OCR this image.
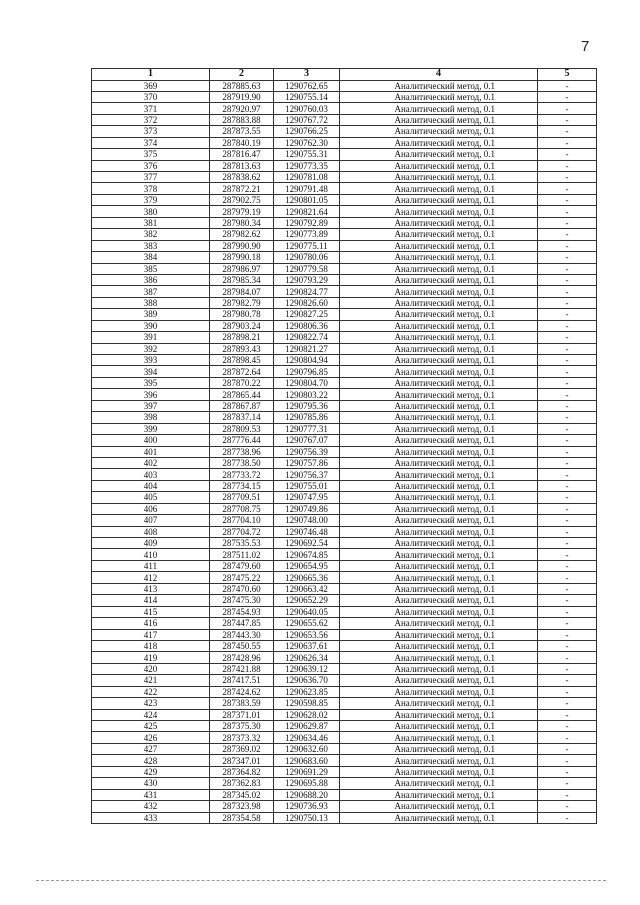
7
1	2	3	4	5
369	287885.63	1290762.65	Аналитический метод, 0.1	-
370	287919.90	1290755.14	Аналитический метод, 0.1	-
371	287920.97	1290760.03	Аналитический метод, 0.1	-
372	287883.88	1290767.72	Аналитический метод, 0.1	-
373	287873.55	1290766.25	Аналитический метод, 0.1	-
374	287840.19	1290762.30	Аналитический метод, 0.1	-
375	287816.47	1290755.31	Аналитический метод, 0.1	-
376	287813.63	1290773.35	Аналитический метод, 0.1	-
377	287838.62	1290781.08	Аналитический метод, 0.1	-
378	287872.21	1290791.48	Аналитический метод, 0.1	-
379	287902.75	1290801.05	Аналитический метод, 0.1	-
380	287979.19	1290821.64	Аналитический метод, 0.1	-
381	287980.34	1290792.89	Аналитический метод, 0.1	-
382	287982.62	1290773.89	Аналитический метод, 0.1	-
383	287990.90	1290775.11	Аналитический метод, 0.1	-
384	287990.18	1290780.06	Аналитический метод, 0.1	-
385	287986.97	1290779.58	Аналитический метод, 0.1	-
386	287985.34	1290793.29	Аналитический метод, 0.1	-
387	287984.07	1290824.77	Аналитический метод, 0.1	-
388	287982.79	1290826.60	Аналитический метод, 0.1	-
389	287980.78	1290827.25	Аналитический метод, 0.1	-
390	287903.24	1290806.36	Аналитический метод, 0.1	-
391	287898.21	1290822.74	Аналитический метод, 0.1	-
392	287893.43	1290821.27	Аналитический метод, 0.1	-
393	287898.45	1290804.94	Аналитический метод, 0.1	-
394	287872.64	1290796.85	Аналитический метод, 0.1	-
395	287870.22	1290804.70	Аналитический метод, 0.1	-
396	287865.44	1290803.22	Аналитический метод, 0.1	-
397	287867.87	1290795.36	Аналитический метод, 0.1	-
398	287837.14	1290785.86	Аналитический метод, 0.1	-
399	287809.53	1290777.31	Аналитический метод, 0.1	-
400	287776.44	1290767.07	Аналитический метод, 0.1	-
401	287738.96	1290756.39	Аналитический метод, 0.1	-
402	287738.50	1290757.86	Аналитический метод, 0.1	-
403	287733.72	1290756.37	Аналитический метод, 0.1	-
404	287734.15	1290755.01	Аналитический метод, 0.1	-
405	287709.51	1290747.95	Аналитический метод, 0.1	-
406	287708.75	1290749.86	Аналитический метод, 0.1	-
407	287704.10	1290748.00	Аналитический метод, 0.1	-
408	287704.72	1290746.48	Аналитический метод, 0.1	-
409	287535.53	1290692.54	Аналитический метод, 0.1	-
410	287511.02	1290674.85	Аналитический метод, 0.1	-
411	287479.60	1290654.95	Аналитический метод, 0.1	-
412	287475.22	1290665.36	Аналитический метод, 0.1	-
413	287470.60	1290663.42	Аналитический метод, 0.1	-
414	287475.30	1290652.29	Аналитический метод, 0.1	-
415	287454.93	1290640.05	Аналитический метод, 0.1	-
416	287447.85	1290655.62	Аналитический метод, 0.1	-
417	287443.30	1290653.56	Аналитический метод, 0.1	-
418	287450.55	1290637.61	Аналитический метод, 0.1	-
419	287428.96	1290626.34	Аналитический метод, 0.1	-
420	287421.88	1290639.12	Аналитический метод, 0.1	-
421	287417.51	1290636.70	Аналитический метод, 0.1	-
422	287424.62	1290623.85	Аналитический метод, 0.1	-
423	287383.59	1290598.85	Аналитический метод, 0.1	-
424	287371.01	1290628.02	Аналитический метод, 0.1	-
425	287375.30	1290629.87	Аналитический метод, 0.1	-
426	287373.32	1290634.46	Аналитический метод, 0.1	-
427	287369.02	1290632.60	Аналитический метод, 0.1	-
428	287347.01	1290683.60	Аналитический метод, 0.1	-
429	287364.82	1290691.29	Аналитический метод, 0.1	-
430	287362.83	1290695.88	Аналитический метод, 0.1	-
431	287345.02	1290688.20	Аналитический метод, 0.1	-
432	287323.98	1290736.93	Аналитический метод, 0.1	-
433	287354.58	1290750.13	Аналитический метод, 0.1	-
